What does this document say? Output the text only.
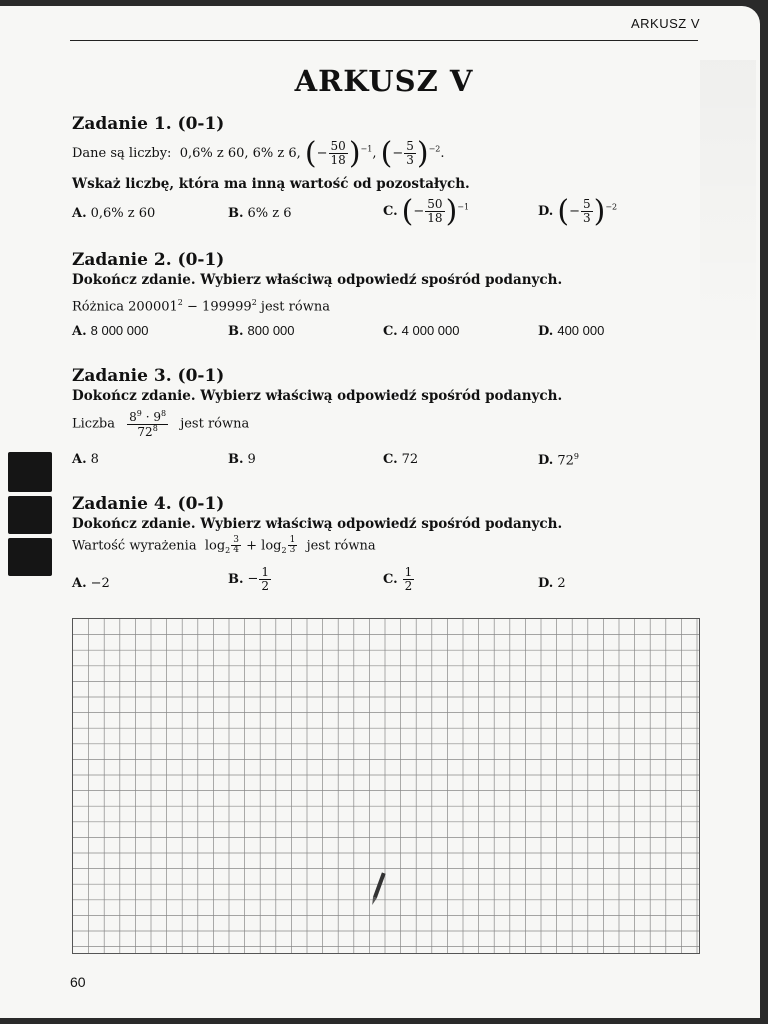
ARKUSZ V
ARKUSZ V
Zadanie 1. (0-1)
Dane są liczby: 0,6% z 60, 6% z 6, (− $\frac{50}{18} )^{-1}$, (− $\frac{5}{3} )^{-2}$.
Wskaż liczbę, która ma inną wartość od pozostałych.
A. 0,6% z 60	B. 6% z 6	C. (− $\frac{50}{18} )^{-1}$	D. (− $\frac{5}{3} )^{-2}$
Zadanie 2. (0-1)
Dokończ zdanie. Wybierz właściwą odpowiedź spośród podanych.
Różnica $200001^2 - 199999^2$ jest równa
A. 8 000 000	B. 800 000	C. 4 000 000	D. 400 000
Zadanie 3. (0-1)
Dokończ zdanie. Wybierz właściwą odpowiedź spośród podanych.
Liczba $\frac{8^9 \cdot 9^8}{72^8}$ jest równa
A. 8	B. 9	C. 72	D. $72^9$
Zadanie 4. (0-1)
Dokończ zdanie. Wybierz właściwą odpowiedź spośród podanych.
Wartość wyrażenia $\log_2 \frac{3}{4} + \log_2 \frac{1}{3}$ jest równa
A. −2	B. − $\frac{1}{2}$	C. $\frac{1}{2}$	D. 2
60
